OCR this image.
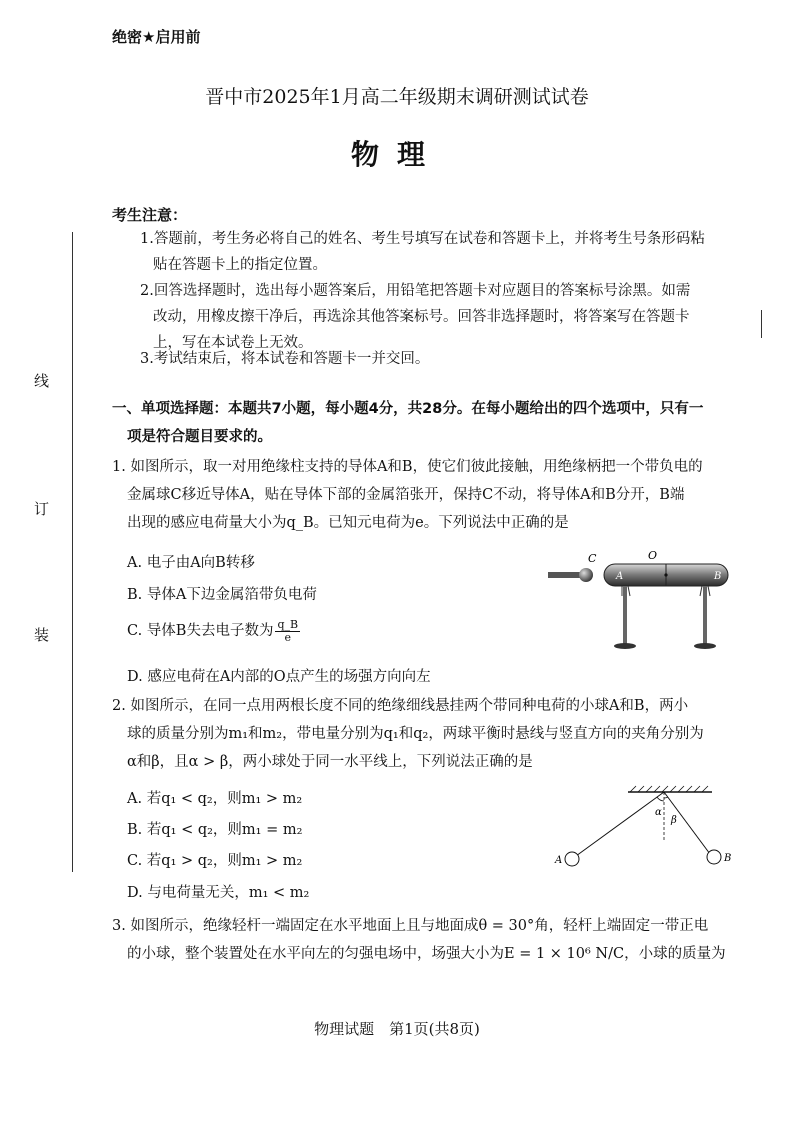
绝密★启用前
晋中市2025年1月高二年级期末调研测试试卷
物理
线
订
装
考生注意：
1.答题前，考生务必将自己的姓名、考生号填写在试卷和答题卡上，并将考生号条形码粘
贴在答题卡上的指定位置。
2.回答选择题时，选出每小题答案后，用铅笔把答题卡对应题目的答案标号涂黑。如需
改动，用橡皮擦干净后，再选涂其他答案标号。回答非选择题时，将答案写在答题卡
上，写在本试卷上无效。
3.考试结束后，将本试卷和答题卡一并交回。
一、单项选择题：本题共7小题，每小题4分，共28分。在每小题给出的四个选项中，只有一
项是符合题目要求的。
1. 如图所示，取一对用绝缘柱支持的导体A和B，使它们彼此接触，用绝缘柄把一个带负电的
金属球C移近导体A，贴在导体下部的金属箔张开，保持C不动，将导体A和B分开，B端
出现的感应电荷量大小为q_B。已知元电荷为e。下列说法中正确的是
A. 电子由A向B转移
B. 导体A下边金属箔带负电荷
C. 导体B失去电子数为 $\frac{q\_B}{e}$
D. 感应电荷在A内部的O点产生的场强方向向左
C	O
A	B
2. 如图所示，在同一点用两根长度不同的绝缘细线悬挂两个带同种电荷的小球A和B，两小
球的质量分别为m₁和m₂，带电量分别为q₁和q₂，两球平衡时悬线与竖直方向的夹角分别为
α和β，且α > β，两小球处于同一水平线上，下列说法正确的是
A. 若q₁ < q₂，则m₁ > m₂
B. 若q₁ < q₂，则m₁ = m₂
C. 若q₁ > q₂，则m₁ > m₂
D. 与电荷量无关，m₁ < m₂
α
β
A	B
3. 如图所示，绝缘轻杆一端固定在水平地面上且与地面成θ = 30°角，轻杆上端固定一带正电
的小球，整个装置处在水平向左的匀强电场中，场强大小为E = 1 × 10⁶ N/C，小球的质量为
物理试题　第1页(共8页)
